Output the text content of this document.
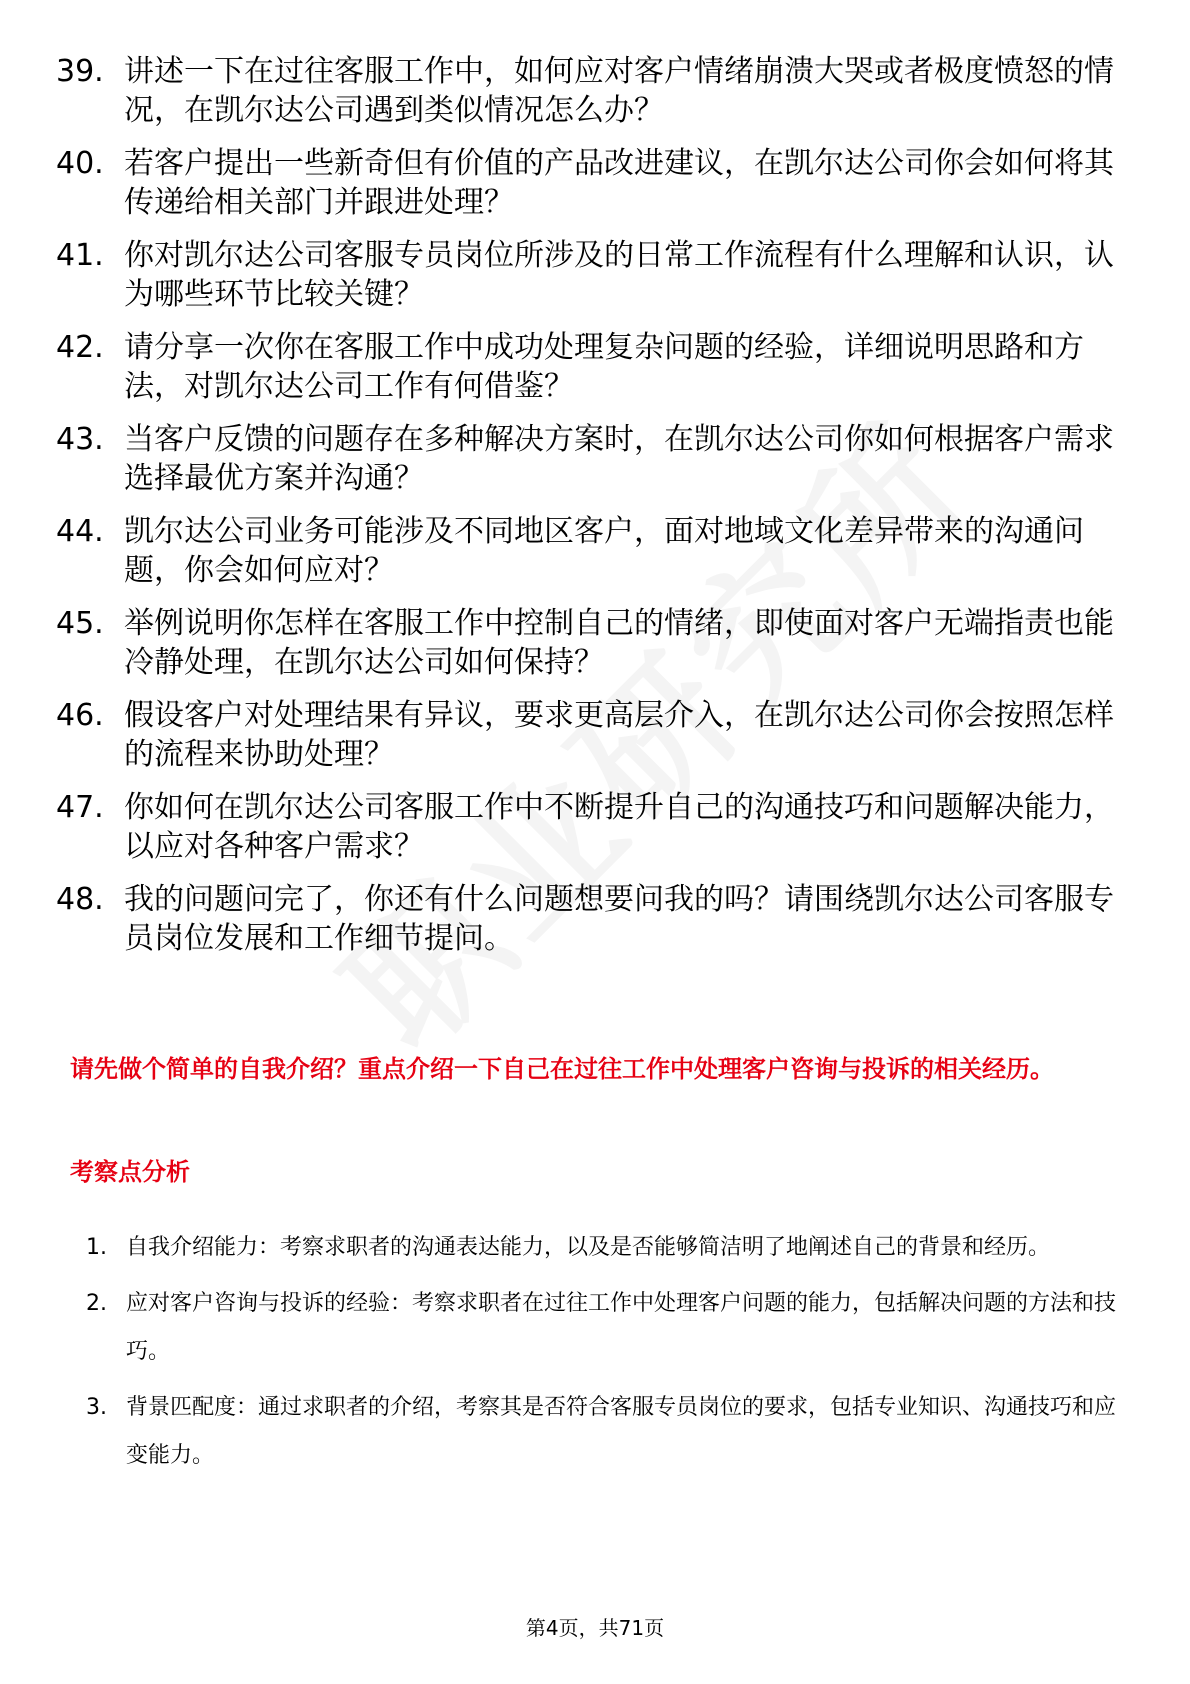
39. 讲述一下在过往客服工作中，如何应对客户情绪崩溃大哭或者极度愤怒的情况，在凯尔达公司遇到类似情况怎么办？
40. 若客户提出一些新奇但有价值的产品改进建议，在凯尔达公司你会如何将其传递给相关部门并跟进处理？
41. 你对凯尔达公司客服专员岗位所涉及的日常工作流程有什么理解和认识，认为哪些环节比较关键？
42. 请分享一次你在客服工作中成功处理复杂问题的经验，详细说明思路和方法，对凯尔达公司工作有何借鉴？
43. 当客户反馈的问题存在多种解决方案时，在凯尔达公司你如何根据客户需求选择最优方案并沟通？
44. 凯尔达公司业务可能涉及不同地区客户，面对地域文化差异带来的沟通问题，你会如何应对？
45. 举例说明你怎样在客服工作中控制自己的情绪，即使面对客户无端指责也能冷静处理，在凯尔达公司如何保持？
46. 假设客户对处理结果有异议，要求更高层介入，在凯尔达公司你会按照怎样的流程来协助处理？
47. 你如何在凯尔达公司客服工作中不断提升自己的沟通技巧和问题解决能力，以应对各种客户需求？
48. 我的问题问完了，你还有什么问题想要问我的吗？请围绕凯尔达公司客服专员岗位发展和工作细节提问。
请先做个简单的自我介绍？重点介绍一下自己在过往工作中处理客户咨询与投诉的相关经历。
考察点分析
1. 自我介绍能力：考察求职者的沟通表达能力，以及是否能够简洁明了地阐述自己的背景和经历。
2. 应对客户咨询与投诉的经验：考察求职者在过往工作中处理客户问题的能力，包括解决问题的方法和技巧。
3. 背景匹配度：通过求职者的介绍，考察其是否符合客服专员岗位的要求，包括专业知识、沟通技巧和应变能力。
第4页，共71页
